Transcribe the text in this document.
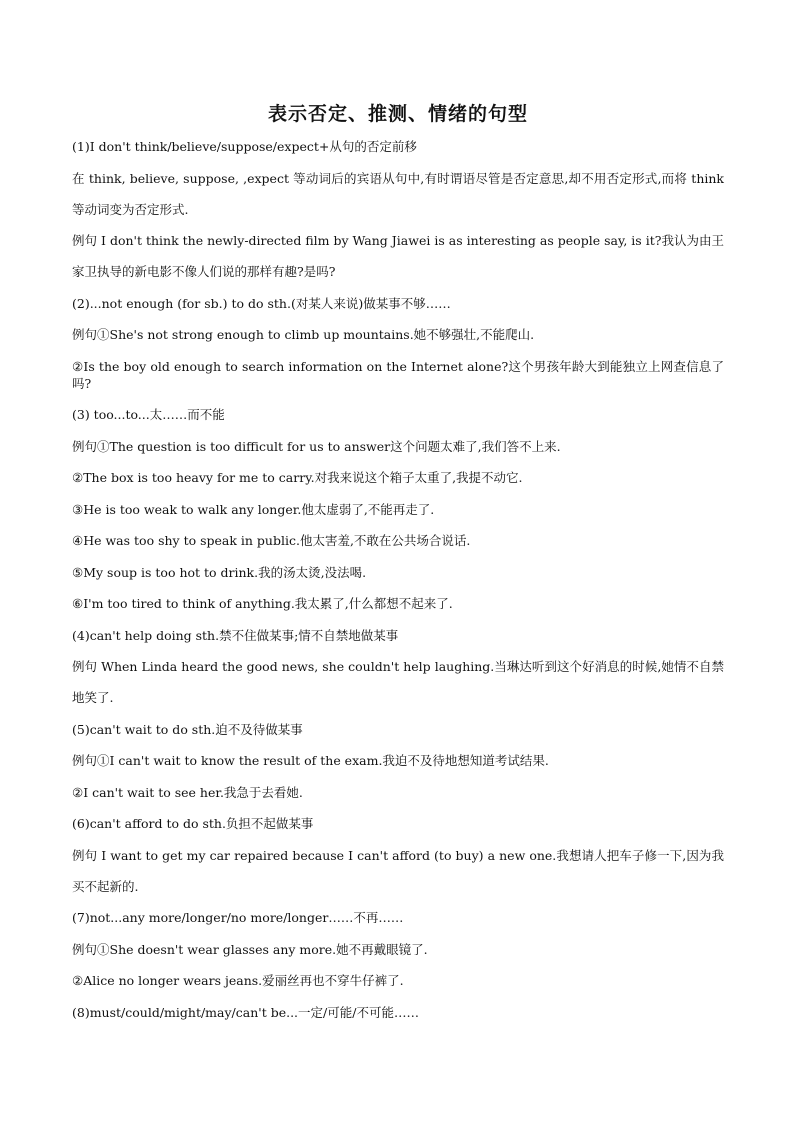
表示否定、推测、情绪的句型
(1)I don't think/believe/suppose/expect+从句的否定前移
在 think, believe, suppose, ,expect 等动词后的宾语从句中,有时谓语尽管是否定意思,却不用否定形式,而将 think 等动词变为否定形式.
例句 I don't think the newly-directed film by Wang Jiawei is as interesting as people say, is it?我认为由王家卫执导的新电影不像人们说的那样有趣?是吗?
(2)...not enough (for sb.) to do sth.(对某人来说)做某事不够……
例句①She's not strong enough to climb up mountains.她不够强壮,不能爬山.
②Is the boy old enough to search information on the Internet alone?这个男孩年龄大到能独立上网查信息了吗?
(3) too...to...太……而不能
例句①The question is too difficult for us to answer这个问题太难了,我们答不上来.
②The box is too heavy for me to carry.对我来说这个箱子太重了,我提不动它.
③He is too weak to walk any longer.他太虚弱了,不能再走了.
④He was too shy to speak in public.他太害羞,不敢在公共场合说话.
⑤My soup is too hot to drink.我的汤太烫,没法喝.
⑥I'm too tired to think of anything.我太累了,什么都想不起来了.
(4)can't help doing sth.禁不住做某事;情不自禁地做某事
例句 When Linda heard the good news, she couldn't help laughing.当琳达听到这个好消息的时候,她情不自禁地笑了.
(5)can't wait to do sth.迫不及待做某事
例句①I can't wait to know the result of the exam.我迫不及待地想知道考试结果.
②I can't wait to see her.我急于去看她.
(6)can't afford to do sth.负担不起做某事
例句 I want to get my car repaired because I can't afford (to buy) a new one.我想请人把车子修一下,因为我买不起新的.
(7)not...any more/longer/no more/longer……不再……
例句①She doesn't wear glasses any more.她不再戴眼镜了.
②Alice no longer wears jeans.爱丽丝再也不穿牛仔裤了.
(8)must/could/might/may/can't be...一定/可能/不可能……
